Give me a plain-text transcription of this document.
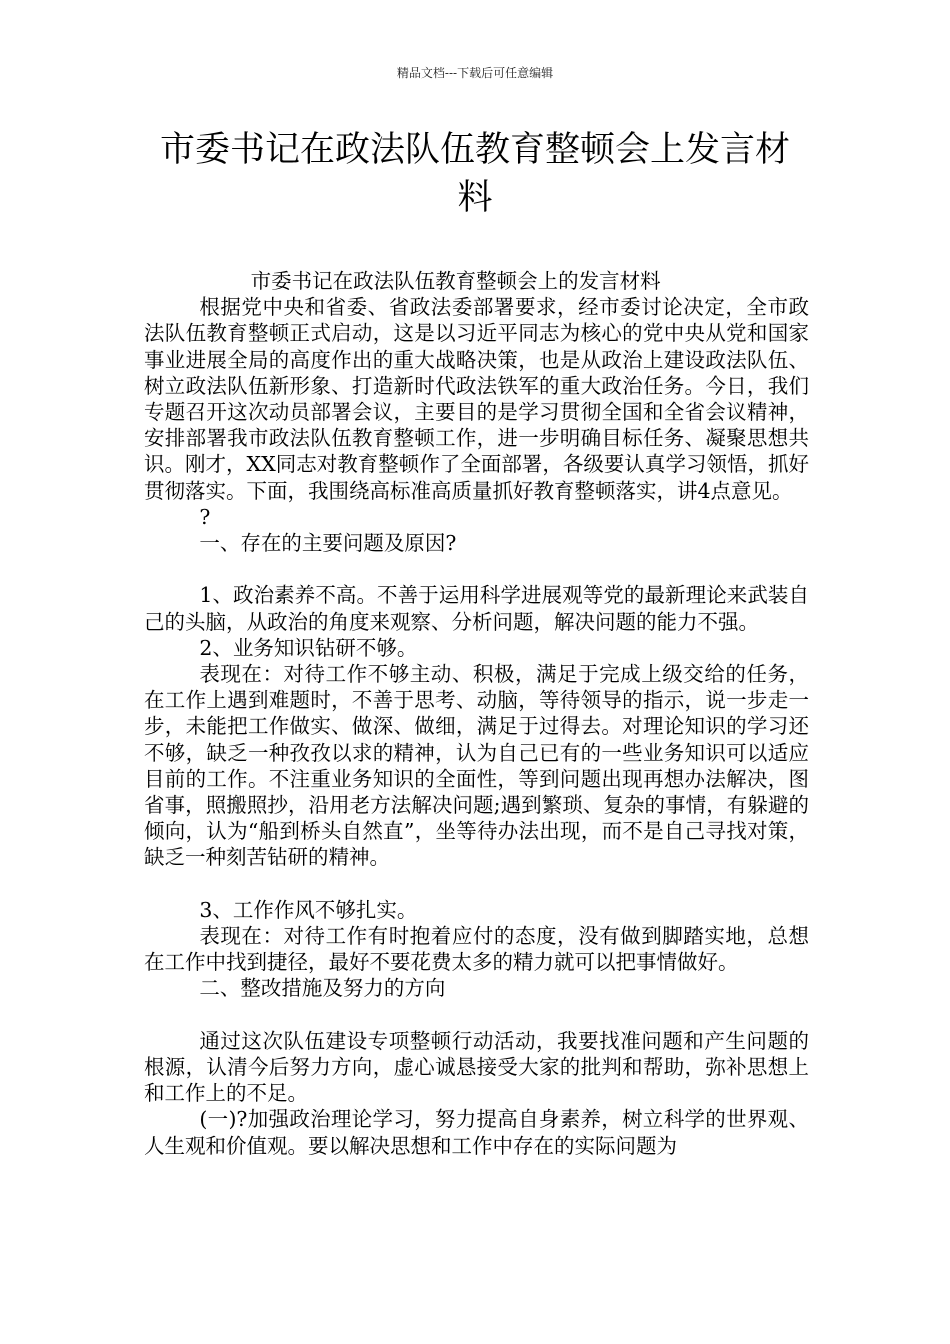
精品文档---下载后可任意编辑
市委书记在政法队伍教育整顿会上发言材料

市委书记在政法队伍教育整顿会上的发言材料

根据党中央和省委、省政法委部署要求，经市委讨论决定，全市政法队伍教育整顿正式启动，这是以习近平同志为核心的党中央从党和国家事业进展全局的高度作出的重大战略决策，也是从政治上建设政法队伍、树立政法队伍新形象、打造新时代政法铁军的重大政治任务。今日，我们专题召开这次动员部署会议，主要目的是学习贯彻全国和全省会议精神，安排部署我市政法队伍教育整顿工作，进一步明确目标任务、凝聚思想共识。刚才，XX同志对教育整顿作了全面部署，各级要认真学习领悟，抓好贯彻落实。下面，我围绕高标准高质量抓好教育整顿落实，讲4点意见。

?

一、存在的主要问题及原因?

1、政治素养不高。不善于运用科学进展观等党的最新理论来武装自己的头脑，从政治的角度来观察、分析问题，解决问题的能力不强。

2、业务知识钻研不够。

表现在：对待工作不够主动、积极，满足于完成上级交给的任务，在工作上遇到难题时，不善于思考、动脑，等待领导的指示，说一步走一步，未能把工作做实、做深、做细，满足于过得去。对理论知识的学习还不够，缺乏一种孜孜以求的精神，认为自己已有的一些业务知识可以适应目前的工作。不注重业务知识的全面性，等到问题出现再想办法解决，图省事，照搬照抄，沿用老方法解决问题;遇到繁琐、复杂的事情，有躲避的倾向，认为“船到桥头自然直”，坐等待办法出现，而不是自己寻找对策，缺乏一种刻苦钻研的精神。

3、工作作风不够扎实。

表现在：对待工作有时抱着应付的态度，没有做到脚踏实地，总想在工作中找到捷径，最好不要花费太多的精力就可以把事情做好。

二、整改措施及努力的方向

通过这次队伍建设专项整顿行动活动，我要找准问题和产生问题的根源，认清今后努力方向，虚心诚恳接受大家的批判和帮助，弥补思想上和工作上的不足。

(一)?加强政治理论学习，努力提高自身素养，树立科学的世界观、人生观和价值观。要以解决思想和工作中存在的实际问题为
